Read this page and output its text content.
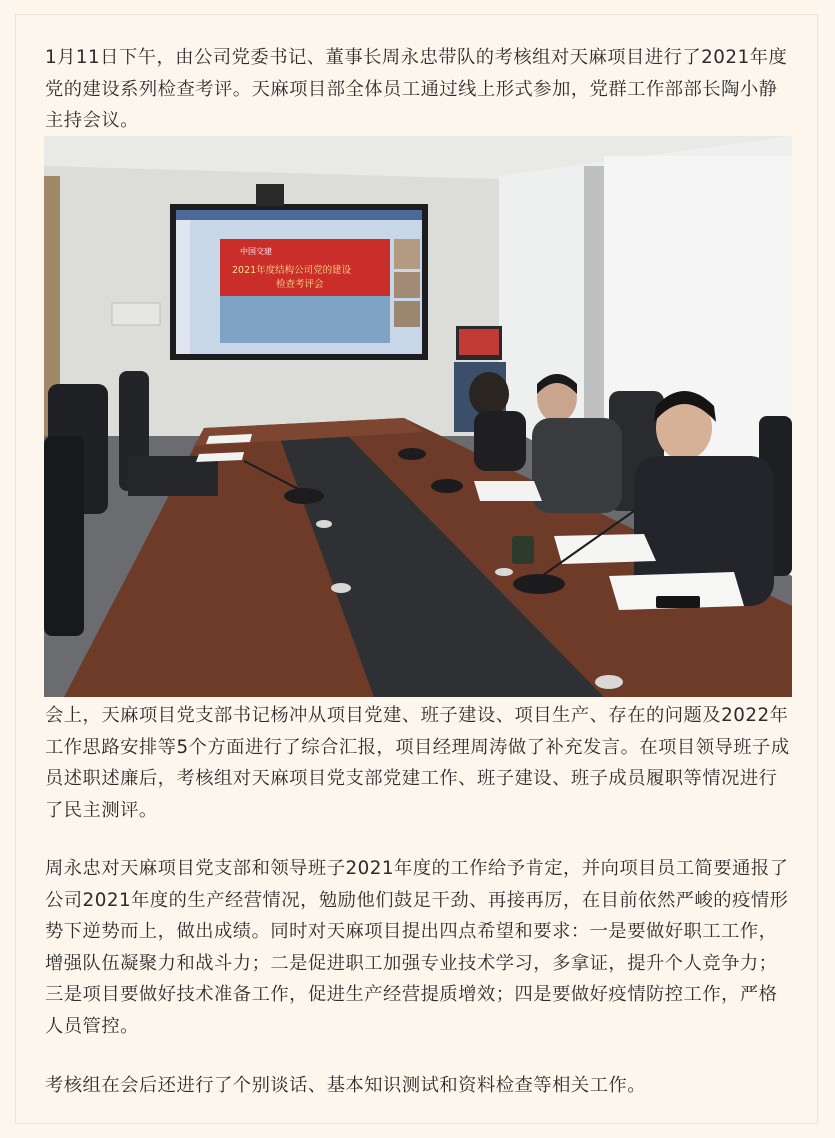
1月11日下午，由公司党委书记、董事长周永忠带队的考核组对天麻项目进行了2021年度党的建设系列检查考评。天麻项目部全体员工通过线上形式参加，党群工作部部长陶小静主持会议。

中国交建
2021年度结构公司党的建设
检查考评会

会上，天麻项目党支部书记杨冲从项目党建、班子建设、项目生产、存在的问题及2022年工作思路安排等5个方面进行了综合汇报，项目经理周涛做了补充发言。在项目领导班子成员述职述廉后，考核组对天麻项目党支部党建工作、班子建设、班子成员履职等情况进行了民主测评。

周永忠对天麻项目党支部和领导班子2021年度的工作给予肯定，并向项目员工简要通报了公司2021年度的生产经营情况，勉励他们鼓足干劲、再接再厉，在目前依然严峻的疫情形势下逆势而上，做出成绩。同时对天麻项目提出四点希望和要求：一是要做好职工工作，增强队伍凝聚力和战斗力；二是促进职工加强专业技术学习，多拿证，提升个人竞争力；三是项目要做好技术准备工作，促进生产经营提质增效；四是要做好疫情防控工作，严格人员管控。

考核组在会后还进行了个别谈话、基本知识测试和资料检查等相关工作。
